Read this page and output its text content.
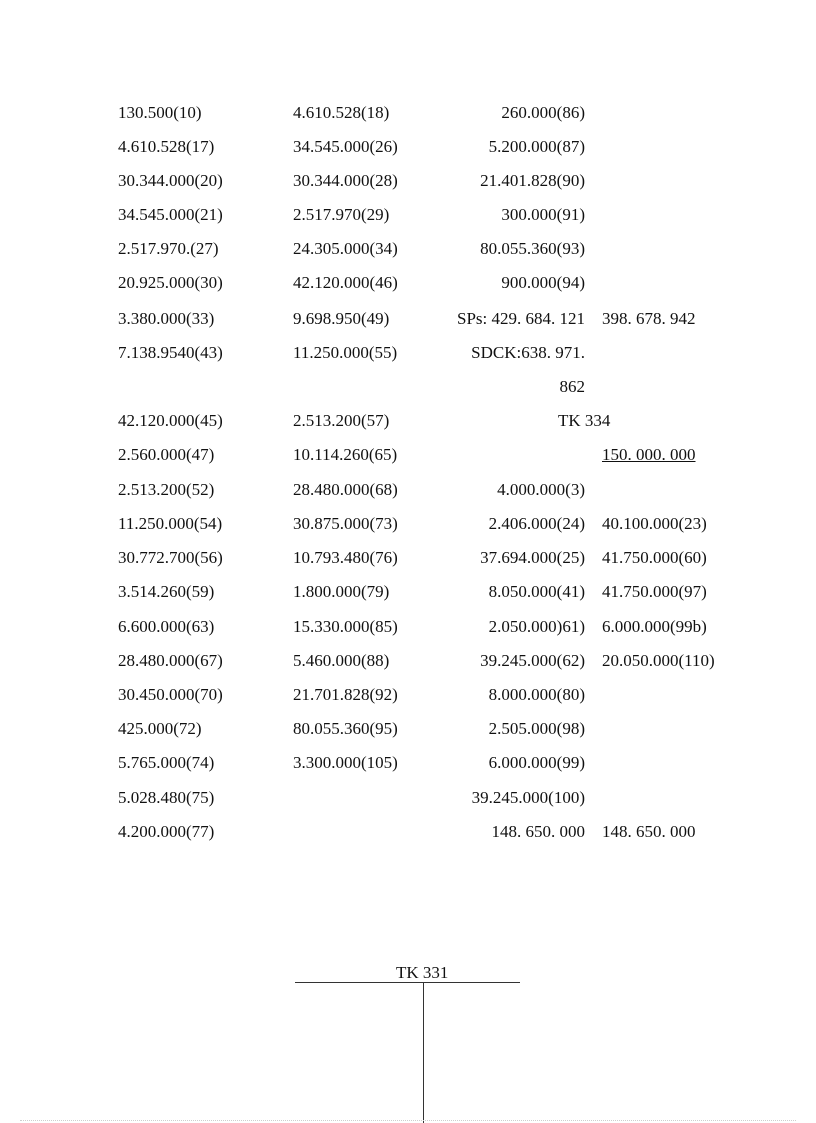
130.500(10)
4.610.528(17)
30.344.000(20)
34.545.000(21)
2.517.970.(27)
20.925.000(30)
3.380.000(33)
7.138.9540(43)
42.120.000(45)
2.560.000(47)
2.513.200(52)
11.250.000(54)
30.772.700(56)
3.514.260(59)
6.600.000(63)
28.480.000(67)
30.450.000(70)
425.000(72)
5.765.000(74)
5.028.480(75)
4.200.000(77)
4.610.528(18)
34.545.000(26)
30.344.000(28)
2.517.970(29)
24.305.000(34)
42.120.000(46)
9.698.950(49)
11.250.000(55)
2.513.200(57)
10.114.260(65)
28.480.000(68)
30.875.000(73)
10.793.480(76)
1.800.000(79)
15.330.000(85)
5.460.000(88)
21.701.828(92)
80.055.360(95)
3.300.000(105)
260.000(86)
5.200.000(87)
21.401.828(90)
300.000(91)
80.055.360(93)
900.000(94)
SPs: 429. 684. 121
SDCK:638. 971.
862
TK 334
4.000.000(3)
2.406.000(24)
37.694.000(25)
8.050.000(41)
2.050.000)61)
39.245.000(62)
8.000.000(80)
2.505.000(98)
6.000.000(99)
39.245.000(100)
148. 650. 000
398. 678. 942
150. 000. 000
40.100.000(23)
41.750.000(60)
41.750.000(97)
6.000.000(99b)
20.050.000(110)
148. 650. 000
TK 331
